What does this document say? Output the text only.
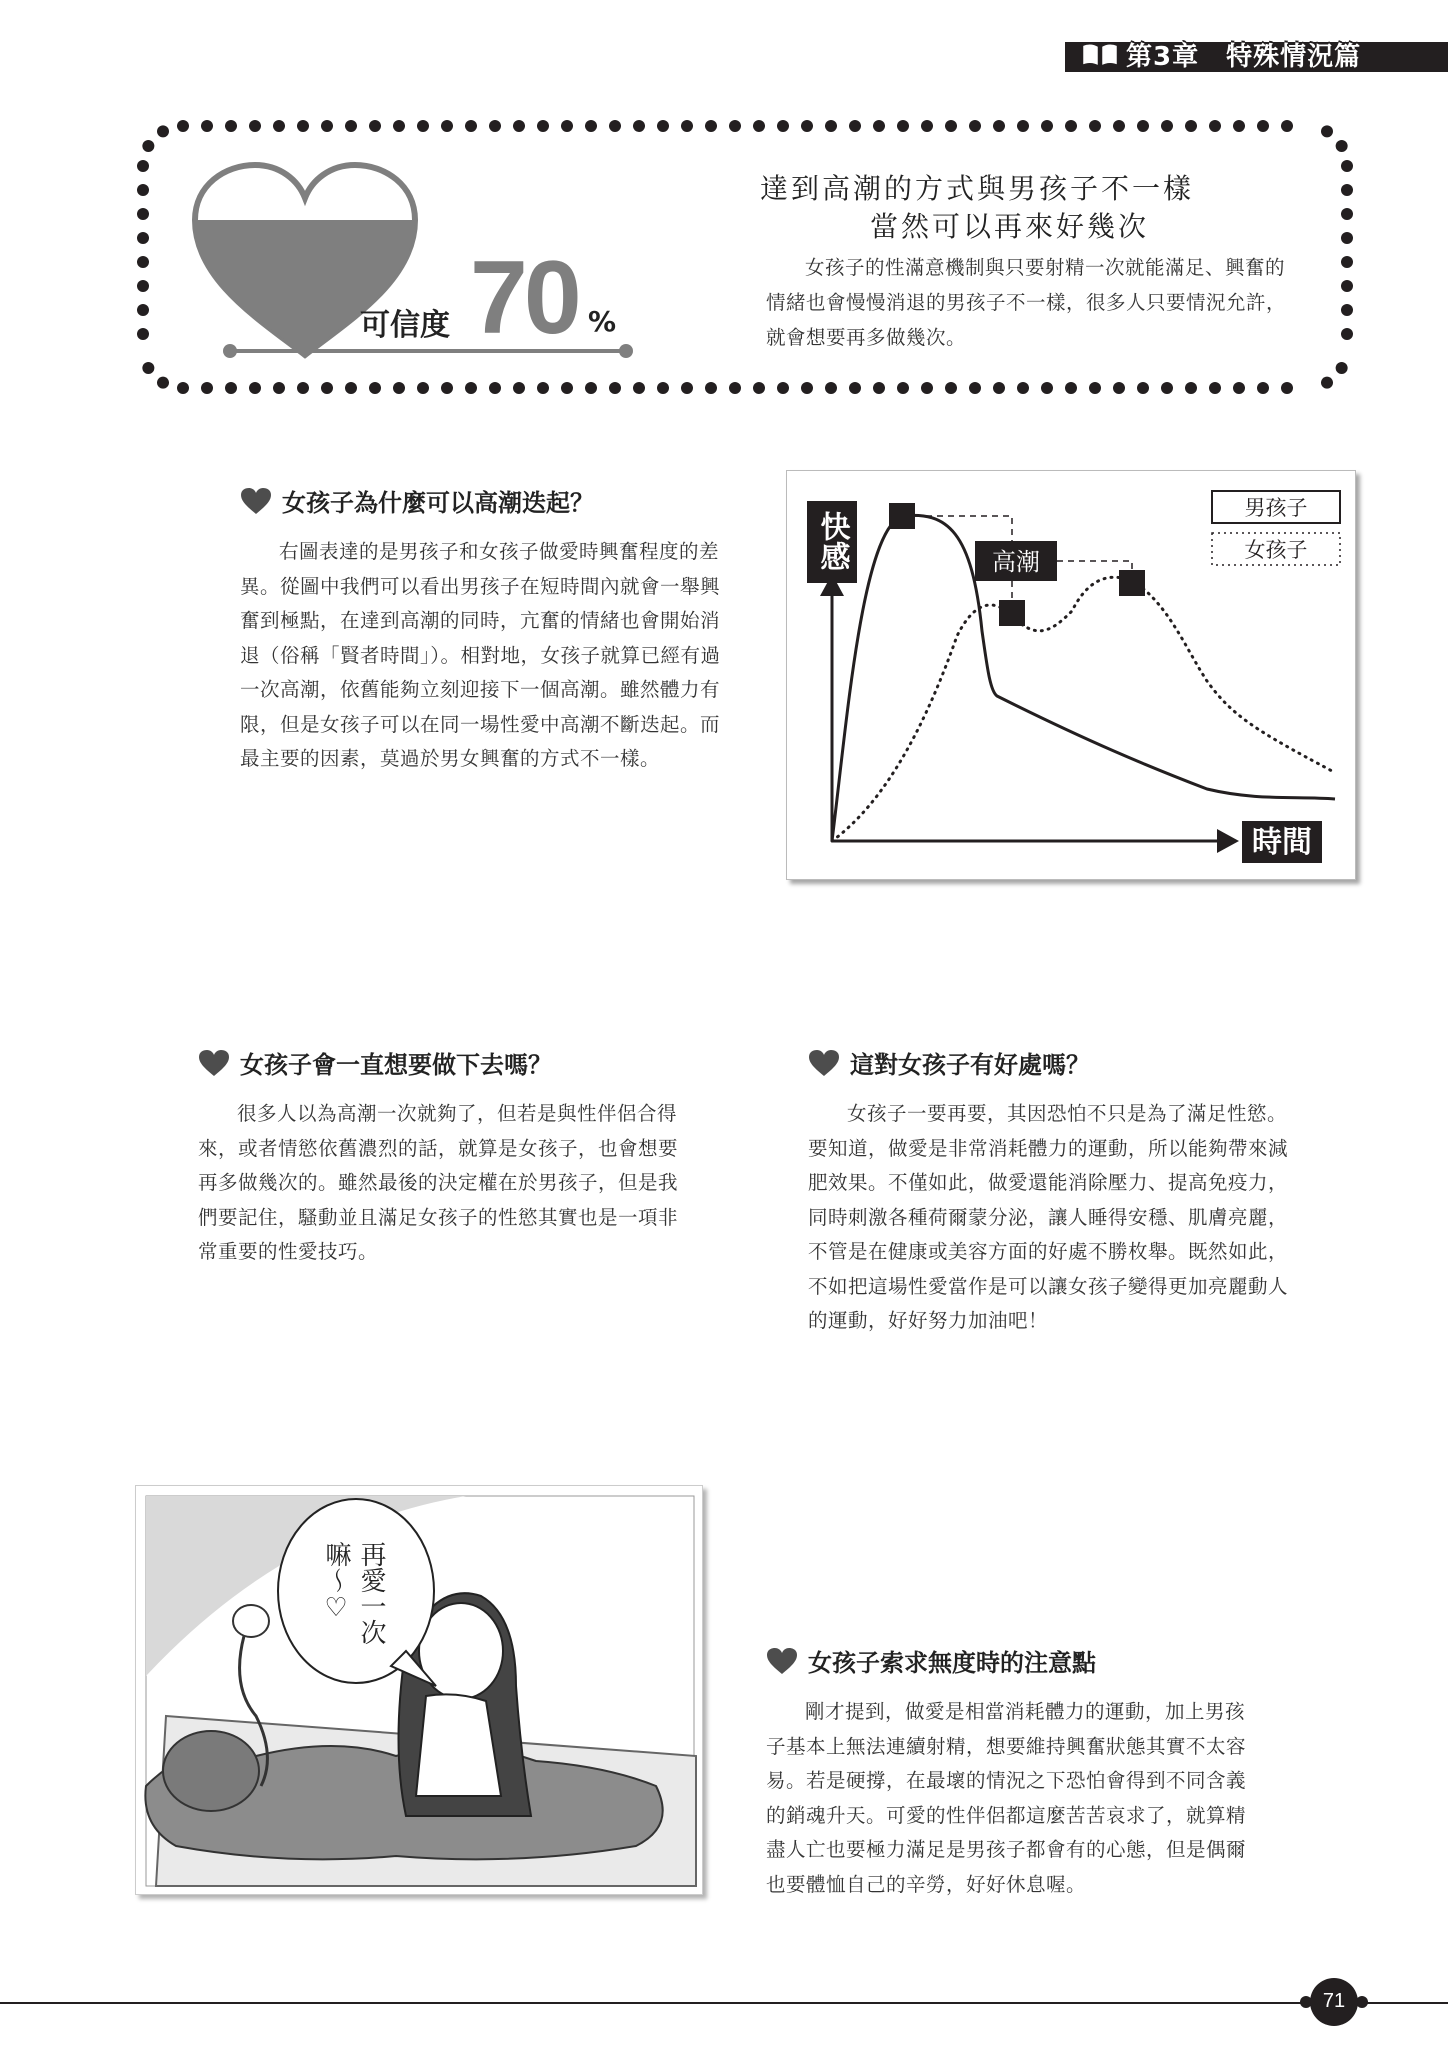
第3章　特殊情況篇
可信度 70 %
達到高潮的方式與男孩子不一樣
當然可以再來好幾次
女孩子的性滿意機制與只要射精一次就能滿足、興奮的情緒也會慢慢消退的男孩子不一樣，很多人只要情況允許，就會想要再多做幾次。
女孩子為什麼可以高潮迭起？
右圖表達的是男孩子和女孩子做愛時興奮程度的差異。從圖中我們可以看出男孩子在短時間內就會一舉興奮到極點，在達到高潮的同時，亢奮的情緒也會開始消退（俗稱「賢者時間」）。相對地，女孩子就算已經有過一次高潮，依舊能夠立刻迎接下一個高潮。雖然體力有限，但是女孩子可以在同一場性愛中高潮不斷迭起。而最主要的因素，莫過於男女興奮的方式不一樣。
快感
時間
高潮
男孩子
女孩子
女孩子會一直想要做下去嗎？
很多人以為高潮一次就夠了，但若是與性伴侶合得來，或者情慾依舊濃烈的話，就算是女孩子，也會想要再多做幾次的。雖然最後的決定權在於男孩子，但是我們要記住，騷動並且滿足女孩子的性慾其實也是一項非常重要的性愛技巧。
這對女孩子有好處嗎？
女孩子一要再要，其因恐怕不只是為了滿足性慾。要知道，做愛是非常消耗體力的運動，所以能夠帶來減肥效果。不僅如此，做愛還能消除壓力、提高免疫力，同時刺激各種荷爾蒙分泌，讓人睡得安穩、肌膚亮麗，不管是在健康或美容方面的好處不勝枚舉。既然如此，不如把這場性愛當作是可以讓女孩子變得更加亮麗動人的運動，好好努力加油吧！
再愛一次
嘛～♡
女孩子索求無度時的注意點
剛才提到，做愛是相當消耗體力的運動，加上男孩子基本上無法連續射精，想要維持興奮狀態其實不太容易。若是硬撐，在最壞的情況之下恐怕會得到不同含義的銷魂升天。可愛的性伴侶都這麼苦苦哀求了，就算精盡人亡也要極力滿足是男孩子都會有的心態，但是偶爾也要體恤自己的辛勞，好好休息喔。
71
